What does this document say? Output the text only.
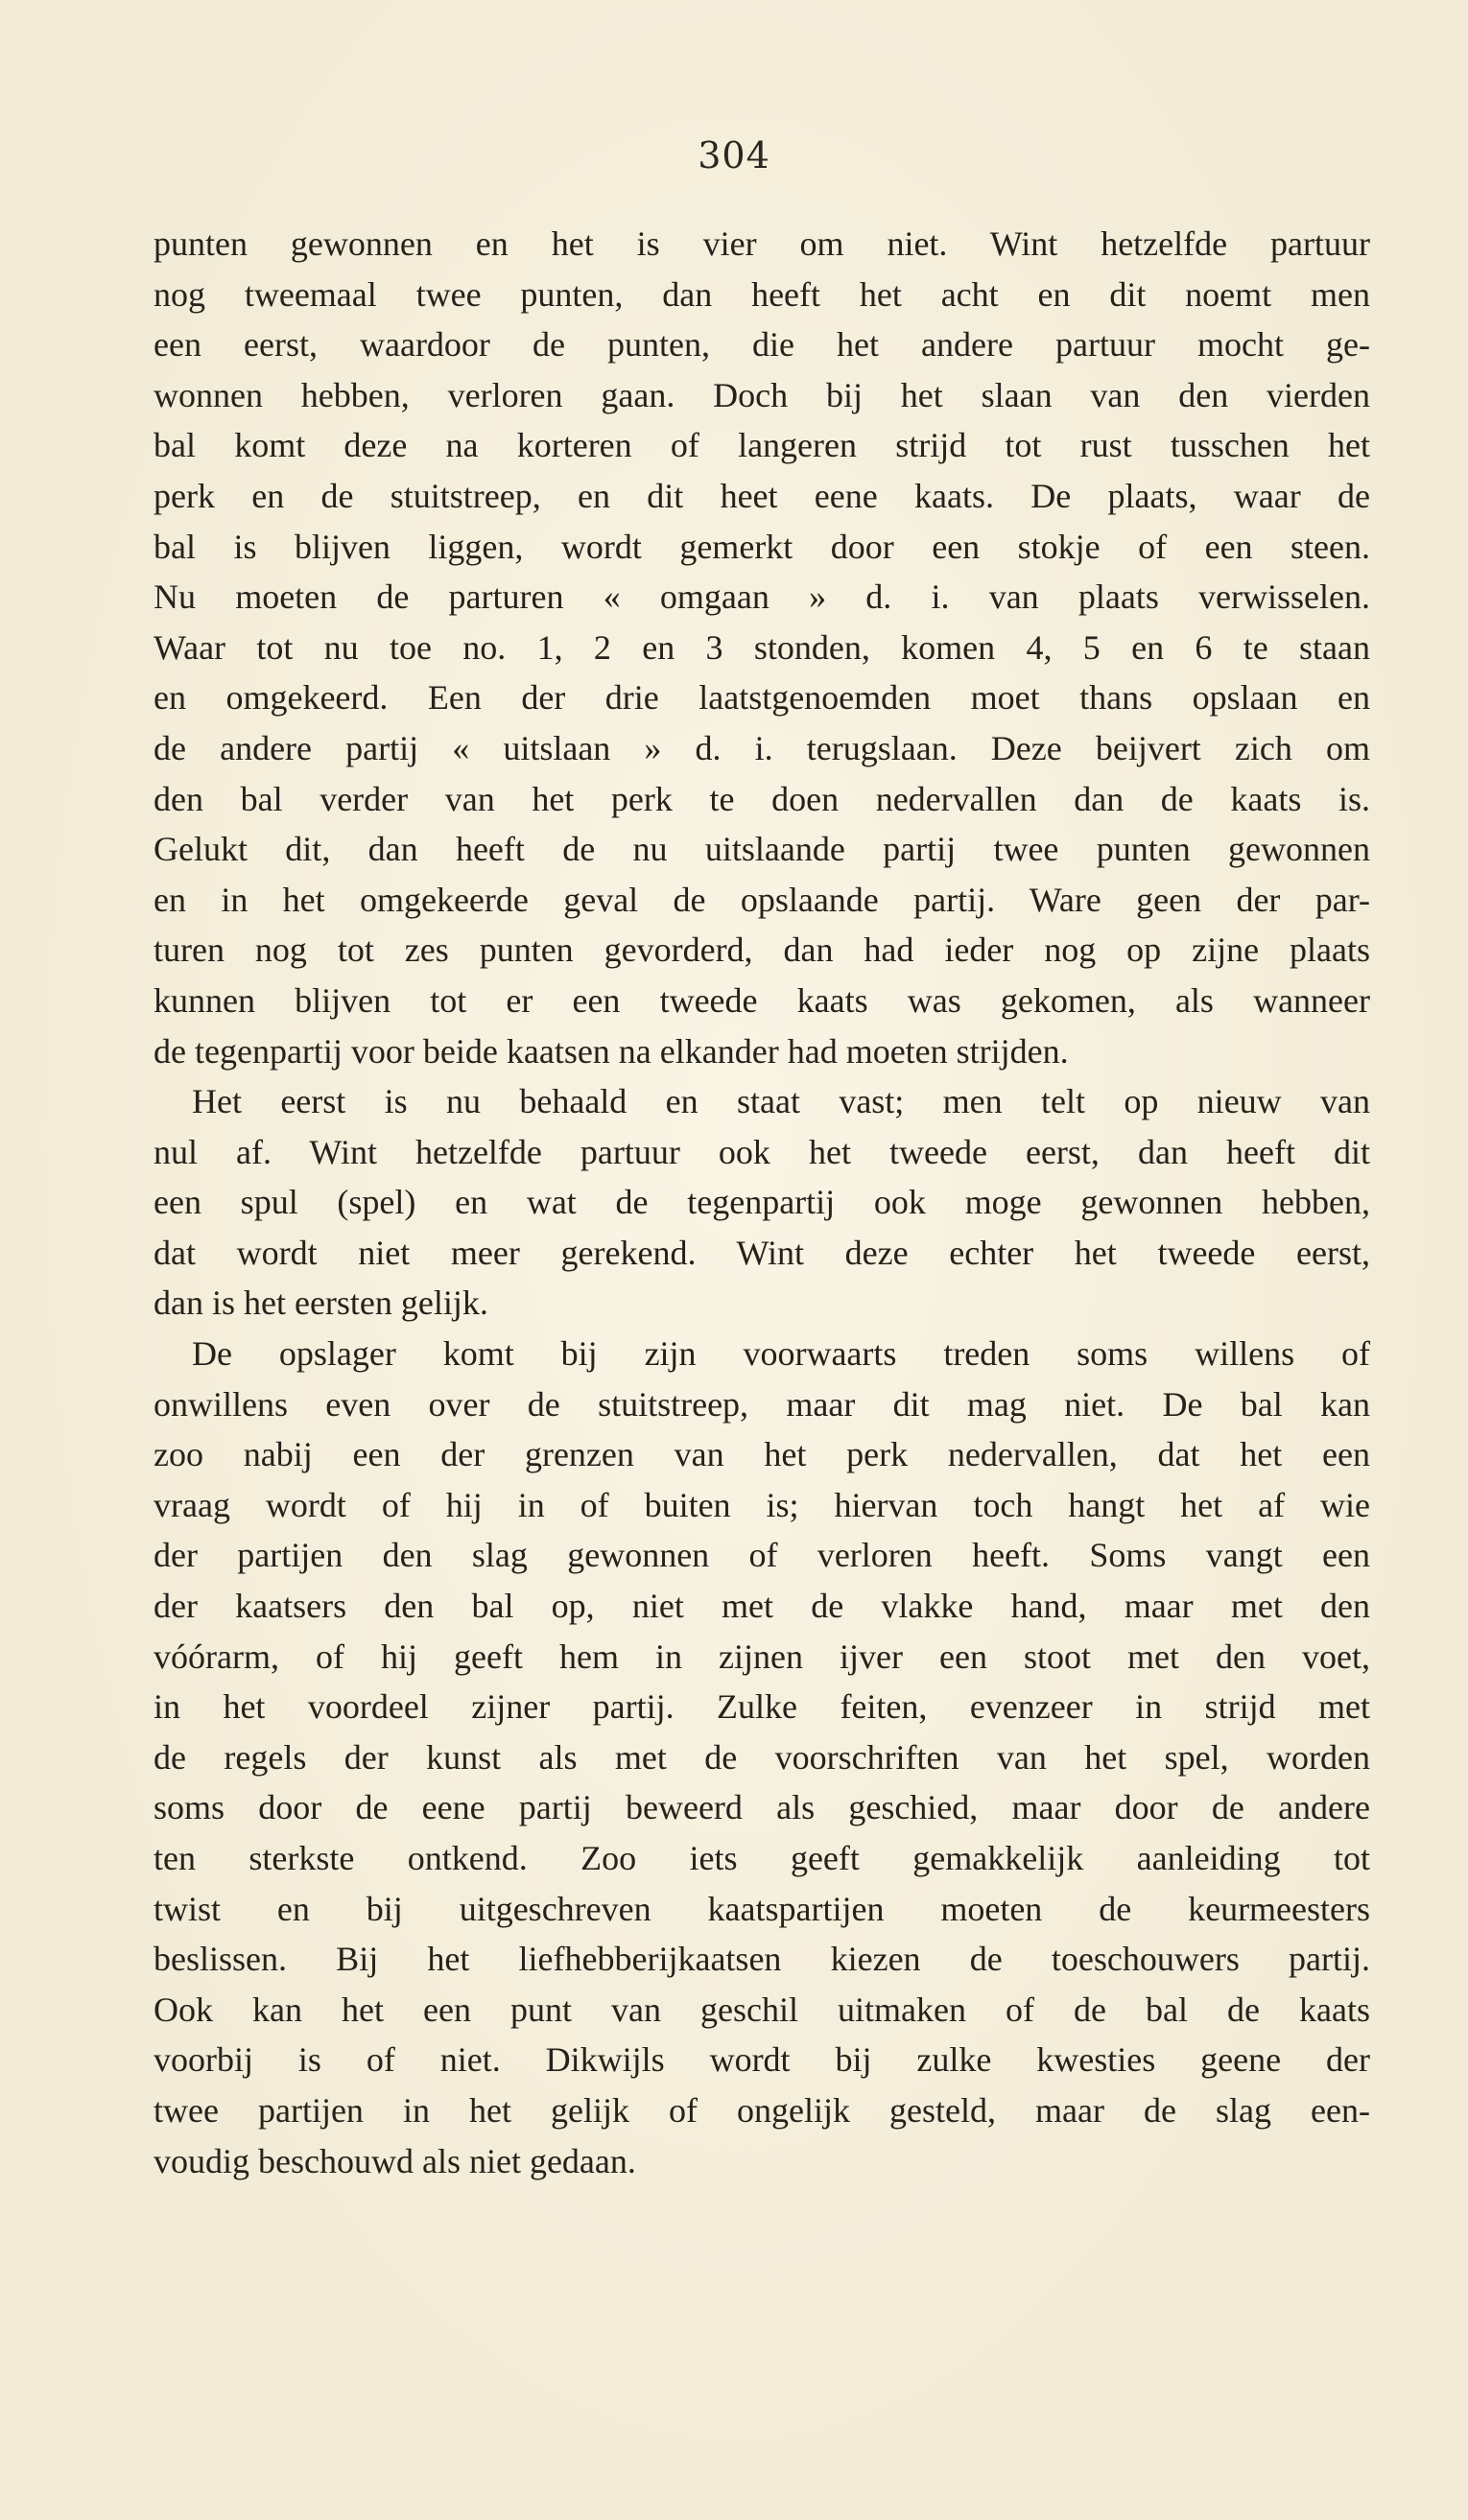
304
punten gewonnen en het is vier om niet. Wint hetzelfde partuur
nog tweemaal twee punten, dan heeft het acht en dit noemt men
een eerst, waardoor de punten, die het andere partuur mocht ge-
wonnen hebben, verloren gaan. Doch bij het slaan van den vierden
bal komt deze na korteren of langeren strijd tot rust tusschen het
perk en de stuitstreep, en dit heet eene kaats. De plaats, waar de
bal is blijven liggen, wordt gemerkt door een stokje of een steen.
Nu moeten de parturen « omgaan » d. i. van plaats verwisselen.
Waar tot nu toe no. 1, 2 en 3 stonden, komen 4, 5 en 6 te staan
en omgekeerd. Een der drie laatstgenoemden moet thans opslaan en
de andere partij « uitslaan » d. i. terugslaan. Deze beijvert zich om
den bal verder van het perk te doen nedervallen dan de kaats is.
Gelukt dit, dan heeft de nu uitslaande partij twee punten gewonnen
en in het omgekeerde geval de opslaande partij. Ware geen der par-
turen nog tot zes punten gevorderd, dan had ieder nog op zijne plaats
kunnen blijven tot er een tweede kaats was gekomen, als wanneer
de tegenpartij voor beide kaatsen na elkander had moeten strijden.
Het eerst is nu behaald en staat vast; men telt op nieuw van
nul af. Wint hetzelfde partuur ook het tweede eerst, dan heeft dit
een spul (spel) en wat de tegenpartij ook moge gewonnen hebben,
dat wordt niet meer gerekend. Wint deze echter het tweede eerst,
dan is het eersten gelijk.
De opslager komt bij zijn voorwaarts treden soms willens of
onwillens even over de stuitstreep, maar dit mag niet. De bal kan
zoo nabij een der grenzen van het perk nedervallen, dat het een
vraag wordt of hij in of buiten is; hiervan toch hangt het af wie
der partijen den slag gewonnen of verloren heeft. Soms vangt een
der kaatsers den bal op, niet met de vlakke hand, maar met den
vóórarm, of hij geeft hem in zijnen ijver een stoot met den voet,
in het voordeel zijner partij. Zulke feiten, evenzeer in strijd met
de regels der kunst als met de voorschriften van het spel, worden
soms door de eene partij beweerd als geschied, maar door de andere
ten sterkste ontkend. Zoo iets geeft gemakkelijk aanleiding tot
twist en bij uitgeschreven kaatspartijen moeten de keurmeesters
beslissen. Bij het liefhebberijkaatsen kiezen de toeschouwers partij.
Ook kan het een punt van geschil uitmaken of de bal de kaats
voorbij is of niet. Dikwijls wordt bij zulke kwesties geene der
twee partijen in het gelijk of ongelijk gesteld, maar de slag een-
voudig beschouwd als niet gedaan.
